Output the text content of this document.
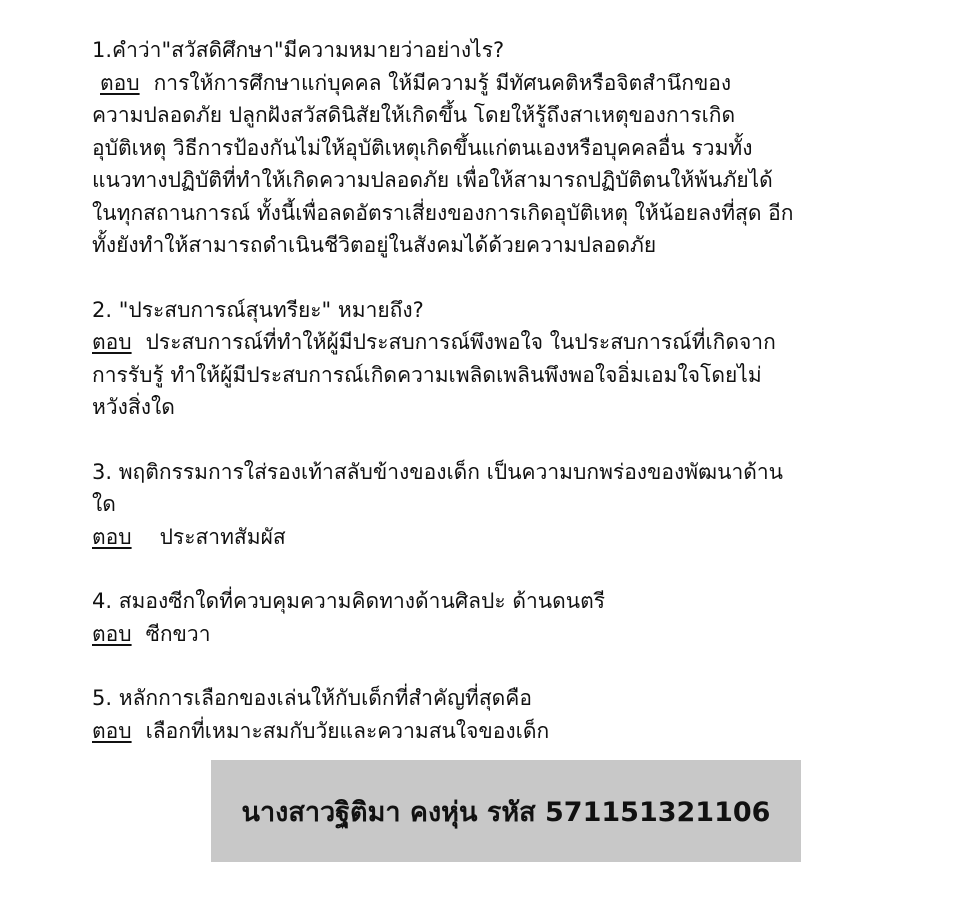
1.คำว่า"สวัสดิศึกษา"มีความหมายว่าอย่างไร?
ตอบ การให้การศึกษาแก่บุคคล ให้มีความรู้ มีทัศนคติหรือจิตสำนึกของ
ความปลอดภัย ปลูกฝังสวัสดินิสัยให้เกิดขึ้น โดยให้รู้ถึงสาเหตุของการเกิด
อุบัติเหตุ วิธีการป้องกันไม่ให้อุบัติเหตุเกิดขึ้นแก่ตนเองหรือบุคคลอื่น รวมทั้ง
แนวทางปฏิบัติที่ทำให้เกิดความปลอดภัย เพื่อให้สามารถปฏิบัติตนให้พ้นภัยได้
ในทุกสถานการณ์ ทั้งนี้เพื่อลดอัตราเสี่ยงของการเกิดอุบัติเหตุ ให้น้อยลงที่สุด อีก
ทั้งยังทำให้สามารถดำเนินชีวิตอยู่ในสังคมได้ด้วยความปลอดภัย
2. "ประสบการณ์สุนทรียะ" หมายถึง?
ตอบ ประสบการณ์ที่ทำให้ผู้มีประสบการณ์พึงพอใจ ในประสบการณ์ที่เกิดจาก
การรับรู้ ทำให้ผู้มีประสบการณ์เกิดความเพลิดเพลินพึงพอใจอิ่มเอมใจโดยไม่
หวังสิ่งใด
3. พฤติกรรมการใส่รองเท้าสลับข้างของเด็ก เป็นความบกพร่องของพัฒนาด้าน
ใด
ตอบ ประสาทสัมผัส
4. สมองซีกใดที่ควบคุมความคิดทางด้านศิลปะ ด้านดนตรี
ตอบ ซีกขวา
5. หลักการเลือกของเล่นให้กับเด็กที่สำคัญที่สุดคือ
ตอบ เลือกที่เหมาะสมกับวัยและความสนใจของเด็ก
นางสาวฐิติมา คงหุ่น รหัส 571151321106
